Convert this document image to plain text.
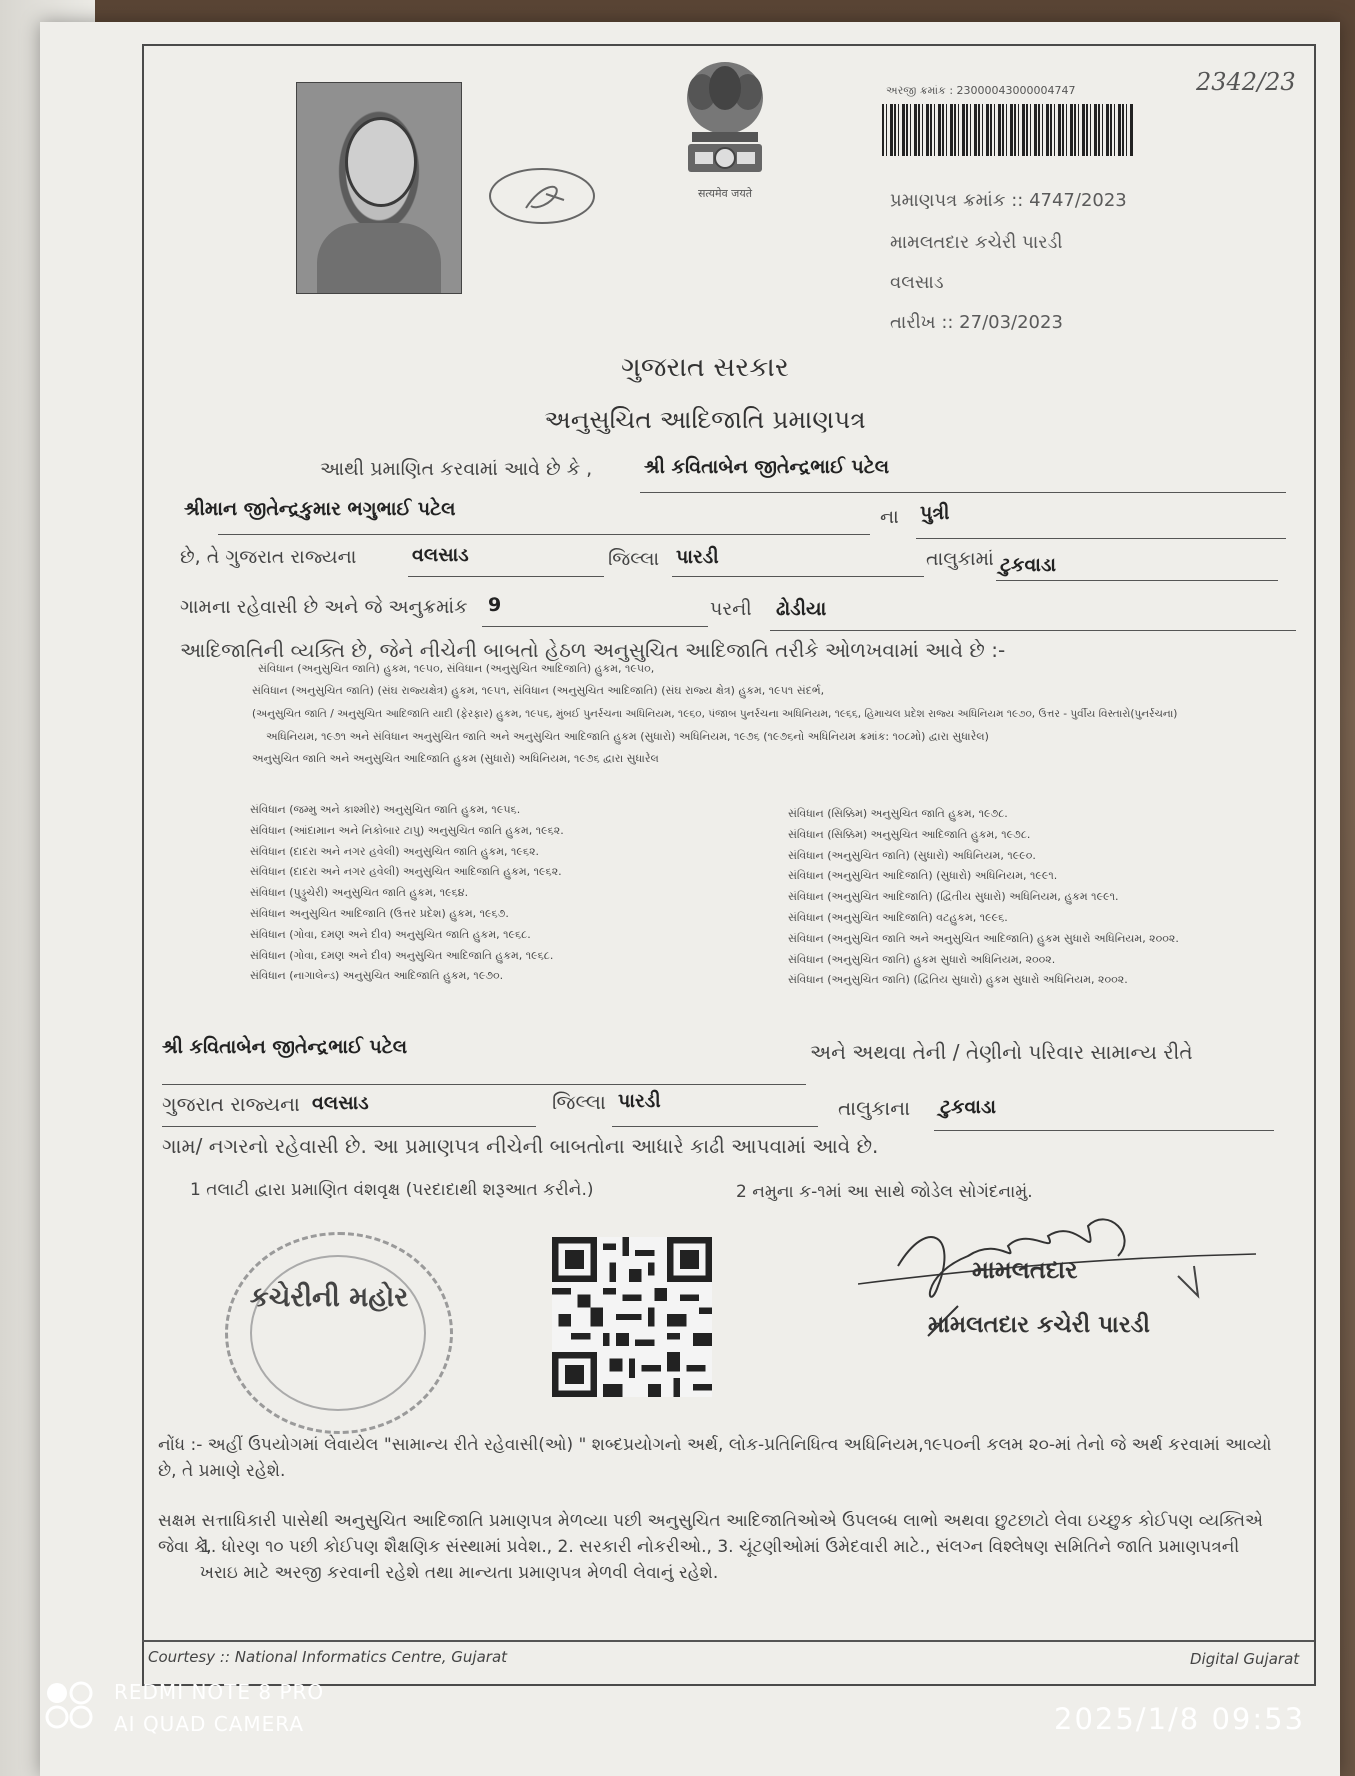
सत्यमेव जयते
અરજી ક્રમાંક : 23000043000004747	2342/23
પ્રમાણપત્ર ક્રમાંક :: 4747/2023
મામલતદાર કચેરી પારડી
વલસાડ
તારીખ :: 27/03/2023
ગુજરાત સરકાર
અનુસુચિત આદિજાતિ પ્રમાણપત્ર
આથી પ્રમાણિત કરવામાં આવે છે કે ,	શ્રી કવિતાબેન જીતેન્દ્રભાઈ પટેલ
શ્રીમાન જીતેન્દ્રકુમાર ભગુભાઈ પટેલ	ના પુત્રી
છે, તે ગુજરાત રાજ્યના	વલસાડ	જિલ્લા પારડી	તાલુકામાં ટુકવાડા
ગામના રહેવાસી છે અને જે અનુક્રમાંક 9	પરની ઢોડીયા
આદિજાતિની વ્યક્તિ છે, જેને નીચેની બાબતો હેઠળ અનુસુચિત આદિજાતિ તરીકે ઓળખવામાં આવે છે :-
સંવિધાન (અનુસુચિત જાતિ) હુકમ, ૧૯૫૦, સંવિધાન (અનુસુચિત આદિજાતિ) હુકમ, ૧૯૫૦,
સંવિધાન (અનુસુચિત જાતિ) (સંઘ રાજ્યક્ષેત્ર) હુકમ, ૧૯૫૧, સંવિધાન (અનુસુચિત આદિજાતિ) (સંઘ રાજ્ય ક્ષેત્ર) હુકમ, ૧૯૫૧ સંદર્ભ,
(અનુસુચિત જાતિ / અનુસુચિત આદિજાતિ યાદી (ફેરફાર) હુકમ, ૧૯૫૬, મુંબઈ પુનર્રચના અધિનિયમ, ૧૯૬૦, પંજાબ પુનર્રચના અધિનિયમ, ૧૯૬૬, હિમાચલ પ્રદેશ રાજ્ય અધિનિયમ ૧૯૭૦, ઉત્તર - પુર્વીય વિસ્તારો(પુનર્રચના)
અધિનિયમ, ૧૯૭૧ અને સંવિધાન અનુસુચિત જાતિ અને અનુસુચિત આદિજાતિ હુકમ (સુધારો) અધિનિયમ, ૧૯૭૬ (૧૯૭૬નો અધિનિયમ ક્રમાંક: ૧૦૮મો) દ્વારા સુધારેલ)
અનુસુચિત જાતિ અને અનુસુચિત આદિજાતિ હુકમ (સુધારો) અધિનિયમ, ૧૯૭૬ દ્વારા સુધારેલ
સંવિધાન (જમ્મુ અને કાશ્મીર) અનુસુચિત જાતિ હુકમ, ૧૯૫૬.
સંવિધાન (આંદામાન અને નિકોબાર ટાપુ) અનુસુચિત જાતિ હુકમ, ૧૯૬૨.
સંવિધાન (દાદરા અને નગર હવેલી) અનુસુચિત જાતિ હુકમ, ૧૯૬૨.
સંવિધાન (દાદરા અને નગર હવેલી) અનુસુચિત આદિજાતિ હુકમ, ૧૯૬૨.
સંવિધાન (પુડ્ડુચેરી) અનુસુચિત જાતિ હુકમ, ૧૯૬૪.
સંવિધાન અનુસુચિત આદિજાતિ (ઉત્તર પ્રદેશ) હુકમ, ૧૯૬૭.
સંવિધાન (ગોવા, દમણ અને દીવ) અનુસુચિત જાતિ હુકમ, ૧૯૬૮.
સંવિધાન (ગોવા, દમણ અને દીવ) અનુસુચિત આદિજાતિ હુકમ, ૧૯૬૮.
સંવિધાન (નાગાલેન્ડ) અનુસુચિત આદિજાતિ હુકમ, ૧૯૭૦.
સંવિધાન (સિક્કિમ) અનુસુચિત જાતિ હુકમ, ૧૯૭૮.
સંવિધાન (સિક્કિમ) અનુસુચિત આદિજાતિ હુકમ, ૧૯૭૮.
સંવિધાન (અનુસુચિત જાતિ) (સુધારો) અધિનિયમ, ૧૯૯૦.
સંવિધાન (અનુસુચિત આદિજાતિ) (સુધારો) અધિનિયમ, ૧૯૯૧.
સંવિધાન (અનુસુચિત આદિજાતિ) (દ્વિતીય સુધારો) અધિનિયમ, હુકમ ૧૯૯૧.
સંવિધાન (અનુસુચિત આદિજાતિ) વટહુકમ, ૧૯૯૬.
સંવિધાન (અનુસુચિત જાતિ અને અનુસુચિત આદિજાતિ) હુકમ સુધારો અધિનિયમ, ૨૦૦૨.
સંવિધાન (અનુસુચિત જાતિ) હુકમ સુધારો અધિનિયમ, ૨૦૦૨.
સંવિધાન (અનુસુચિત જાતિ) (દ્વિતિય સુધારો) હુકમ સુધારો અધિનિયમ, ૨૦૦૨.
શ્રી કવિતાબેન જીતેન્દ્રભાઈ પટેલ	અને અથવા તેની / તેણીનો પરિવાર સામાન્ય રીતે
ગુજરાત રાજ્યના વલસાડ	જિલ્લા પારડી	તાલુકાના ટુકવાડા
ગામ/ નગરનો રહેવાસી છે. આ પ્રમાણપત્ર નીચેની બાબતોના આધારે કાઢી આપવામાં આવે છે.
1 તલાટી દ્વારા પ્રમાણિત વંશવૃક્ષ (પરદાદાથી શરૂઆત કરીને.)	2 નમુના ક-૧માં આ સાથે જોડેલ સોગંદનામું.
કચેરીની મહોર
મામલતદાર
મામલતદાર કચેરી પારડી
નોંધ :- અહીં ઉપયોગમાં લેવાયેલ "સામાન્ય રીતે રહેવાસી(ઓ) " શબ્દપ્રયોગનો અર્થ, લોક-પ્રતિનિધિત્વ અધિનિયમ,૧૯૫૦ની કલમ ૨૦-માં તેનો જે અર્થ કરવામાં આવ્યો છે, તે પ્રમાણે રહેશે.
સક્ષમ સત્તાધિકારી પાસેથી અનુસુચિત આદિજાતિ પ્રમાણપત્ર મેળવ્યા પછી અનુસુચિત આદિજાતિઓએ ઉપલબ્ધ લાભો અથવા છુટછાટો લેવા ઇચ્છુક કોઈપણ વ્યક્તિએ જેવા કે,
1. ધોરણ ૧૦ પછી કોઈપણ શૈક્ષણિક સંસ્થામાં પ્રવેશ., 2. સરકારી નોકરીઓ., 3. ચૂંટણીઓમાં ઉમેદવારી માટે., સંલગ્ન વિશ્લેષણ સમિતિને જાતિ પ્રમાણપત્રની ખરાઇ માટે અરજી કરવાની રહેશે તથા માન્યતા પ્રમાણપત્ર મેળવી લેવાનું રહેશે.
Courtesy :: National Informatics Centre, Gujarat	Digital Gujarat
REDMI NOTE 8 PRO
AI QUAD CAMERA	2025/1/8 09:53
